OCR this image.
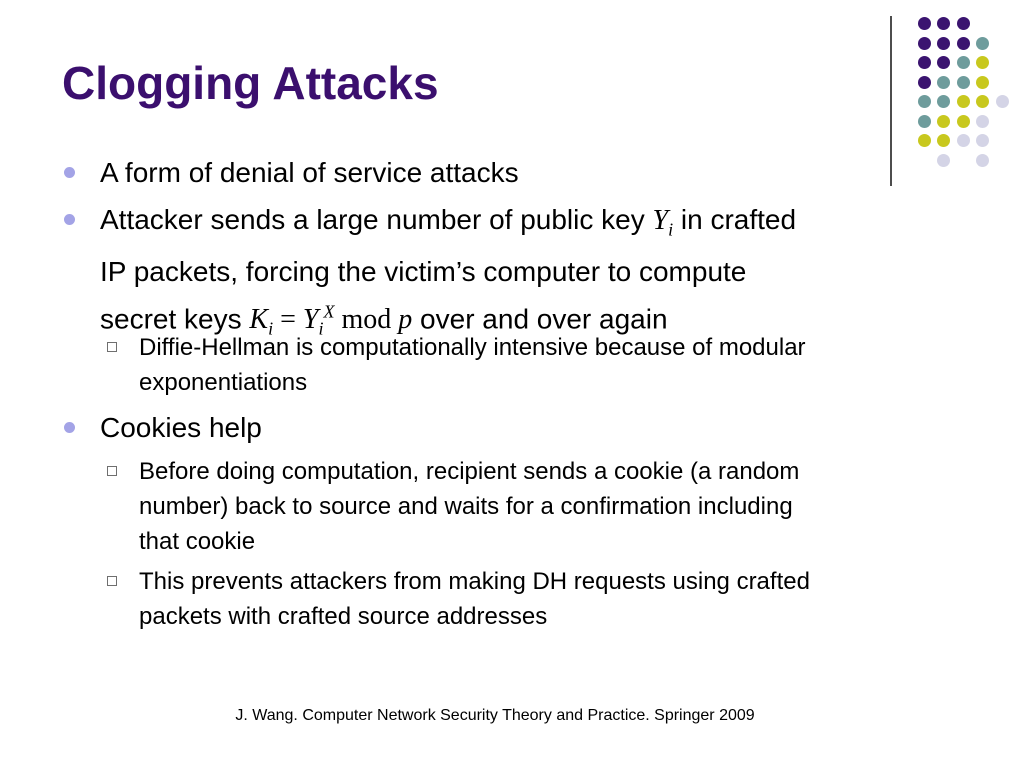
Clogging Attacks
A form of denial of service attacks
Attacker sends a large number of public key $Y_i$ in crafted
IP packets, forcing the victim’s computer to compute
secret keys $K_i = Y_i^X$ mod p over and over again
Diffie-Hellman is computationally intensive because of modular
exponentiations
Cookies help
Before doing computation, recipient sends a cookie (a random
number) back to source and waits for a confirmation including
that cookie
This prevents attackers from making DH requests using crafted
packets with crafted source addresses
J. Wang. Computer Network Security Theory and Practice. Springer 2009
